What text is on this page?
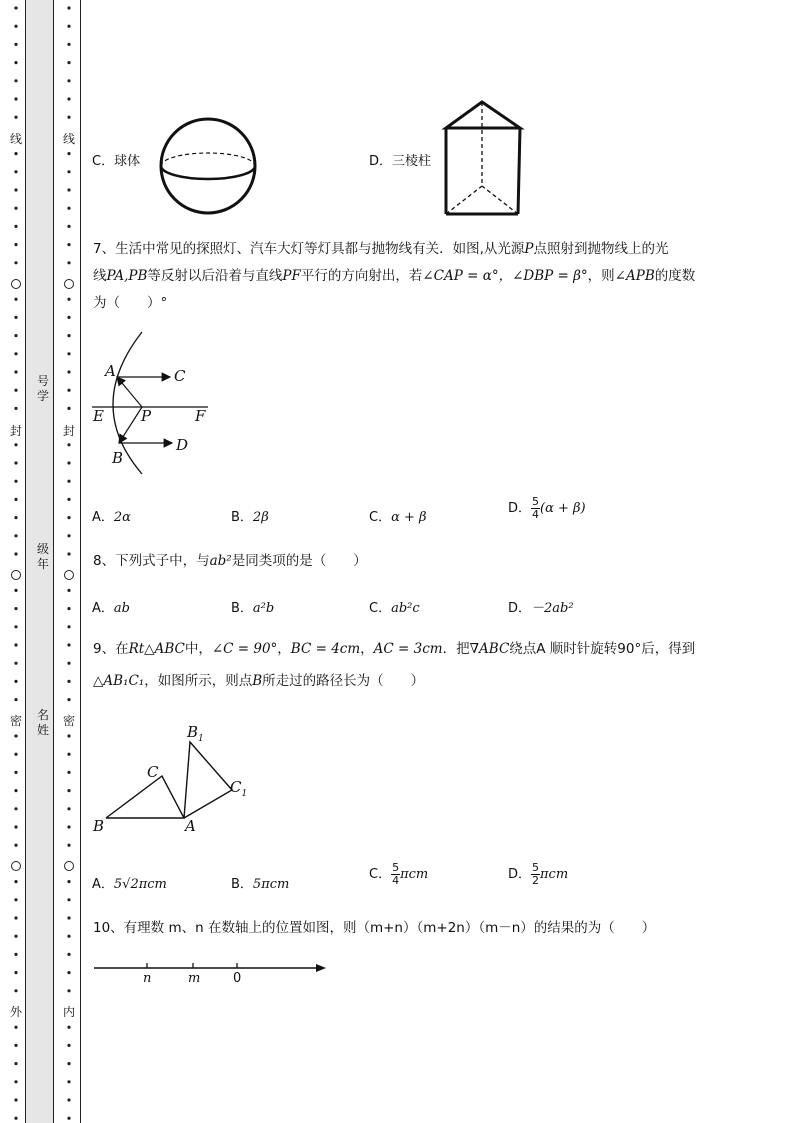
线
封
密
外
线
封
密
内
号学
级年
名姓
C．球体	D．三棱柱
7、生活中常见的探照灯、汽车大灯等灯具都与抛物线有关．如图,从光源P点照射到抛物线上的光
线PA,PB等反射以后沿着与直线PF平行的方向射出，若∠CAP = α°，∠DBP = β°，则∠APB的度数
为（　　）°
A	C
E P	F
B
D
A．2α	B．2β	C．α + β
D． $\frac{5}{4} (\alpha + \beta)$
8、下列式子中，与ab²是同类项的是（　　）
A．ab	B．a²b	C．ab²c	D．－2ab²
9、在Rt△ABC中，∠C = 90°，BC = 4cm，AC = 3cm．把∇ABC绕点A 顺时针旋转90°后，得到
△AB₁C₁，如图所示，则点B所走过的路径长为（　　）
$B_1$
C
$C_1$
B	A
A．5√2πcm	B．5πcm
C． $\frac{5}{4}$ πcm	D． $\frac{5}{2}$ πcm
10、有理数 m、n 在数轴上的位置如图，则（m+n）（m+2n）（m－n）的结果的为（　　）
n	m	0
